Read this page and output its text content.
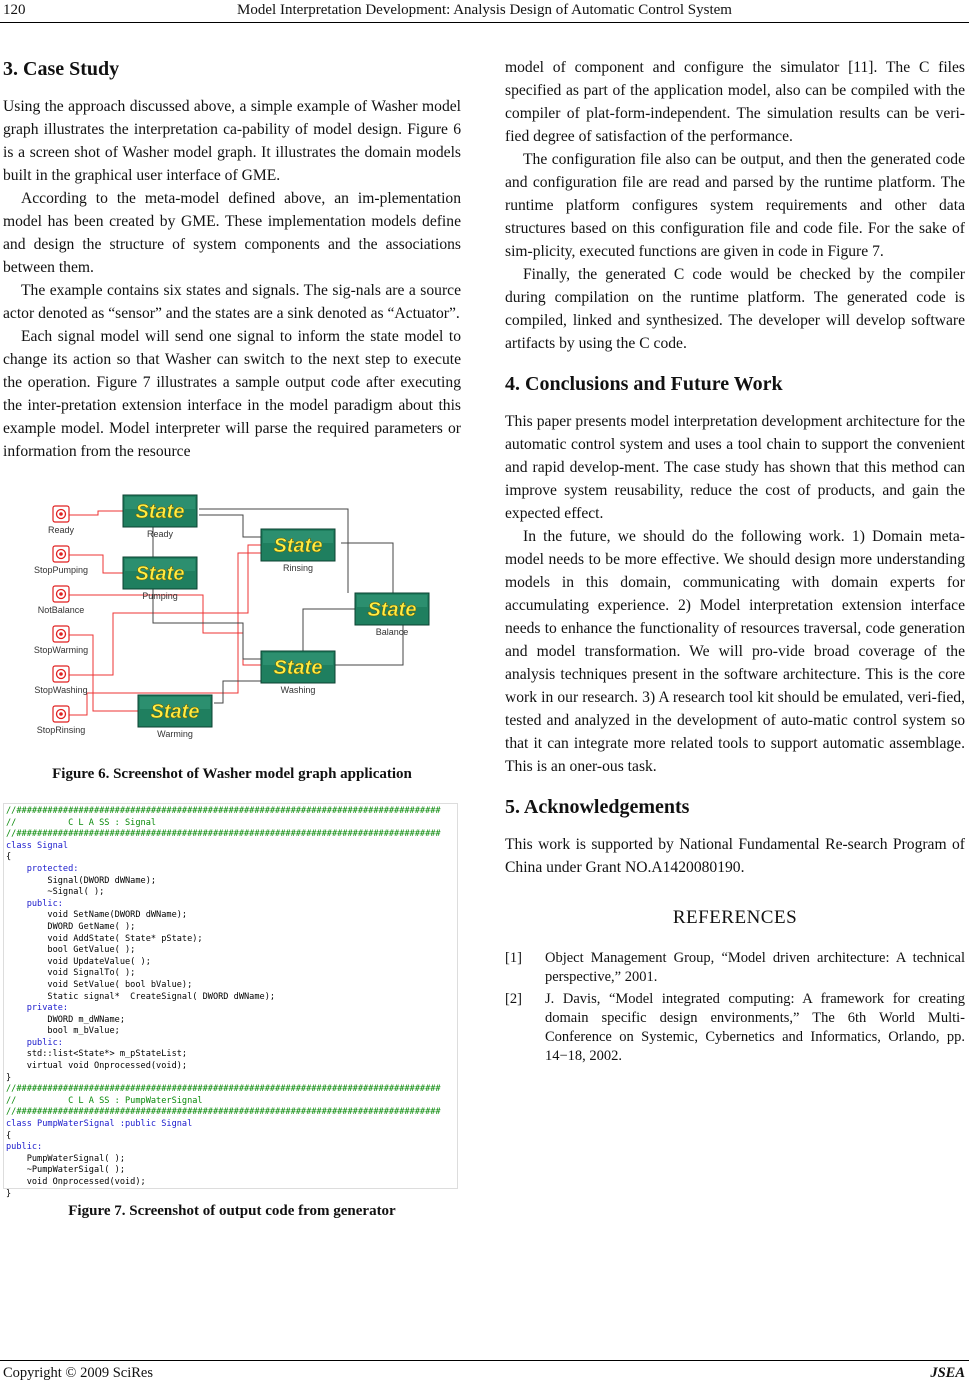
120	Model Interpretation Development: Analysis Design of Automatic Control System
3. Case Study

Using the approach discussed above, a simple example of Washer model graph illustrates the interpretation ca-pability of model design. Figure 6 is a screen shot of Washer model graph. It illustrates the domain models built in the graphical user interface of GME.

According to the meta-model defined above, an im-plementation model has been created by GME. These implementation models define and design the structure of system components and the associations between them.

The example contains six states and signals. The sig-nals are a source actor denoted as “sensor” and the states are a sink denoted as “Actuator”.

Each signal model will send one signal to inform the state model to change its action so that Washer can switch to the next step to execute the operation. Figure 7 illustrates a sample output code after executing the inter-pretation extension interface in the model paradigm about this example model. Model interpreter will parse the required parameters or information from the resource

Ready
StopPumping
NotBalance
StopWarming
StopWashing
StopRinsing
State
Ready
State
Pumping
State
Rinsing
State
Balance
State
Washing
State
Warming
Figure 6. Screenshot of Washer model graph application
//##################################################################################
//          C L A SS : Signal
//##################################################################################
class Signal
{
protected:
Signal(DWORD dWName);
~Signal( );
public:
void SetName(DWORD dWName);
DWORD GetName( );
void AddState( State* pState);
bool GetValue( );
void UpdateValue( );
void SignalTo( );
void SetValue( bool bValue);
Static signal*  CreateSignal( DWORD dWName);
private:
DWORD m_dWName;
bool m_bValue;
public:
std::list<State*> m_pStateList;
virtual void Onprocessed(void);
}
//##################################################################################
//          C L A SS : PumpWaterSignal
//##################################################################################
class PumpWaterSignal :public Signal
{
public:
PumpWaterSignal( );
~PumpWaterSigal( );
void Onprocessed(void);
}
Figure 7. Screenshot of output code from generator

model of component and configure the simulator [11]. The C files specified as part of the application model, also can be compiled with the compiler of plat-form-independent. The simulation results can be veri-fied degree of satisfaction of the performance.

The configuration file also can be output, and then the generated code and configuration file are read and parsed by the runtime platform. The runtime platform configures system requirements and other data structures based on this configuration file and code file. For the sake of sim-plicity, executed functions are given in code in Figure 7.

Finally, the generated C code would be checked by the compiler during compilation on the runtime platform. The generated code is compiled, linked and synthesized. The developer will develop software artifacts by using the C code.

4. Conclusions and Future Work

This paper presents model interpretation development architecture for the automatic control system and uses a tool chain to support the convenient and rapid develop-ment. The case study has shown that this method can improve system reusability, reduce the cost of products, and gain the expected effect.

In the future, we should do the following work. 1) Domain meta-model needs to be more effective. We should design more understanding models in this domain, communicating with domain experts for accumulating experience. 2) Model interpretation extension interface needs to enhance the functionality of resources traversal, code generation and model transformation. We will pro-vide broad coverage of the analysis techniques present in the software architecture. This is the core work in our research. 3) A research tool kit should be emulated, veri-fied, tested and analyzed in the development of auto-matic control system so that it can integrate more related tools to support automatic assemblage. This is an oner-ous task.

5. Acknowledgements

This work is supported by National Fundamental Re-search Program of China under Grant NO.A1420080190.

REFERENCES
[1]	Object Management Group, “Model driven architecture: A technical perspective,” 2001.
[2]	J. Davis, “Model integrated computing: A framework for creating domain specific design environments,” The 6th World Multi-Conference on Systemic, Cybernetics and Informatics, Orlando, pp. 14−18, 2002.
Copyright © 2009 SciRes	JSEA
